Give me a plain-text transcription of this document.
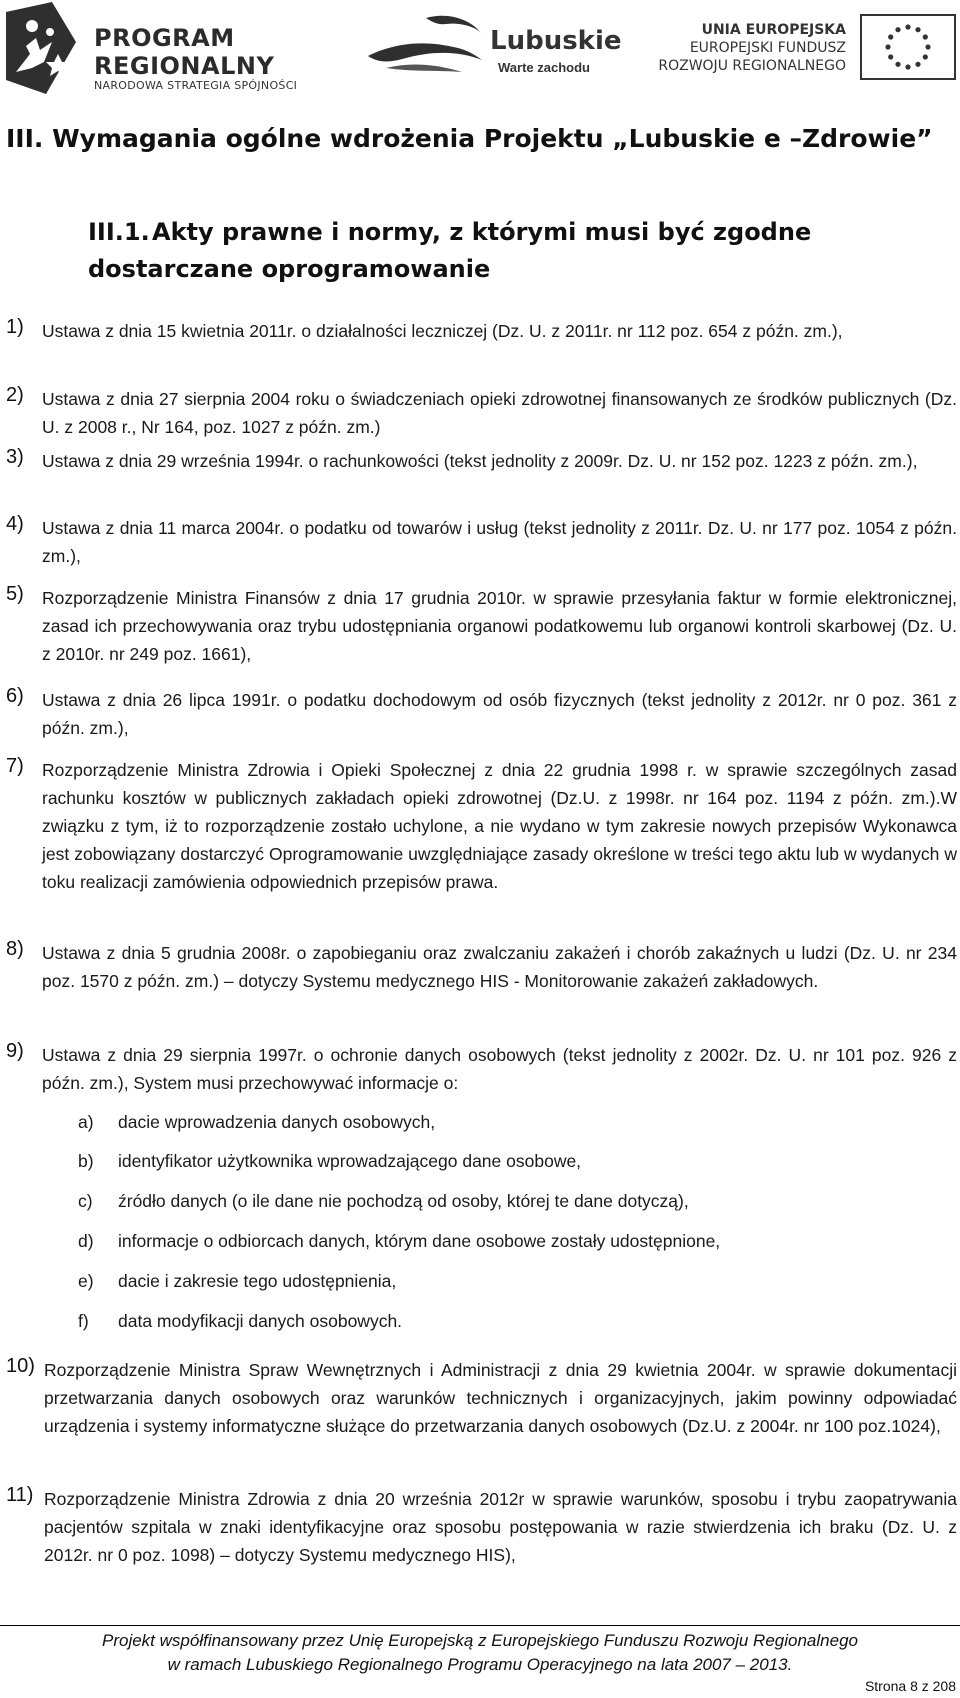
PROGRAM
REGIONALNY
NARODOWA STRATEGIA SPÓJNOŚCI
Lubuskie
Warte zachodu
UNIA EUROPEJSKA
EUROPEJSKI FUNDUSZ
ROZWOJU REGIONALNEGO
III. Wymagania ogólne wdrożenia Projektu „Lubuskie e –Zdrowie”
III.1.Akty prawne i normy, z którymi musi być zgodne dostarczane oprogramowanie
1) Ustawa z dnia 15 kwietnia 2011r. o działalności leczniczej (Dz. U. z 2011r. nr 112 poz. 654 z późn. zm.),
2) Ustawa z dnia 27 sierpnia 2004 roku o świadczeniach opieki zdrowotnej finansowanych ze środków publicznych (Dz. U. z 2008 r., Nr 164, poz. 1027 z późn. zm.)
3) Ustawa z dnia 29 września 1994r. o rachunkowości (tekst jednolity z 2009r. Dz. U. nr 152 poz. 1223 z późn. zm.),
4) Ustawa z dnia 11 marca 2004r. o podatku od towarów i usług (tekst jednolity z 2011r. Dz. U. nr 177 poz. 1054 z późn. zm.),
5) Rozporządzenie Ministra Finansów z dnia 17 grudnia 2010r. w sprawie przesyłania faktur w formie elektronicznej, zasad ich przechowywania oraz trybu udostępniania organowi podatkowemu lub organowi kontroli skarbowej (Dz. U. z 2010r. nr 249 poz. 1661),
6) Ustawa z dnia 26 lipca 1991r. o podatku dochodowym od osób fizycznych (tekst jednolity z 2012r. nr 0 poz. 361 z późn. zm.),
7) Rozporządzenie Ministra Zdrowia i Opieki Społecznej z dnia 22 grudnia 1998 r. w sprawie szczególnych zasad rachunku kosztów w publicznych zakładach opieki zdrowotnej (Dz.U. z 1998r. nr 164 poz. 1194 z późn. zm.).W związku z tym, iż to rozporządzenie zostało uchylone, a nie wydano w tym zakresie nowych przepisów Wykonawca jest zobowiązany dostarczyć Oprogramowanie uwzględniające zasady określone w treści tego aktu lub w wydanych w toku realizacji zamówienia odpowiednich przepisów prawa.
8) Ustawa z dnia 5 grudnia 2008r. o zapobieganiu oraz zwalczaniu zakażeń i chorób zakaźnych u ludzi (Dz. U. nr 234 poz. 1570 z późn. zm.) – dotyczy Systemu medycznego HIS - Monitorowanie zakażeń zakładowych.
9) Ustawa z dnia 29 sierpnia 1997r. o ochronie danych osobowych (tekst jednolity z 2002r. Dz. U. nr 101 poz. 926 z późn. zm.), System musi przechowywać informacje o:
a) dacie wprowadzenia danych osobowych,
b) identyfikator użytkownika wprowadzającego dane osobowe,
c) źródło danych (o ile dane nie pochodzą od osoby, której te dane dotyczą),
d) informacje o odbiorcach danych, którym dane osobowe zostały udostępnione,
e) dacie i zakresie tego udostępnienia,
f) data modyfikacji danych osobowych.
10) Rozporządzenie Ministra Spraw Wewnętrznych i Administracji z dnia 29 kwietnia 2004r. w sprawie dokumentacji przetwarzania danych osobowych oraz warunków technicznych i organizacyjnych, jakim powinny odpowiadać urządzenia i systemy informatyczne służące do przetwarzania danych osobowych (Dz.U. z 2004r. nr 100 poz.1024),
11) Rozporządzenie Ministra Zdrowia z dnia 20 września 2012r w sprawie warunków, sposobu i trybu zaopatrywania pacjentów szpitala w znaki identyfikacyjne oraz sposobu postępowania w razie stwierdzenia ich braku (Dz. U. z 2012r. nr 0 poz. 1098) – dotyczy Systemu medycznego HIS),
Projekt współfinansowany przez Unię Europejską z Europejskiego Funduszu Rozwoju Regionalnego
w ramach Lubuskiego Regionalnego Programu Operacyjnego na lata 2007 – 2013.
Strona 8 z 208
